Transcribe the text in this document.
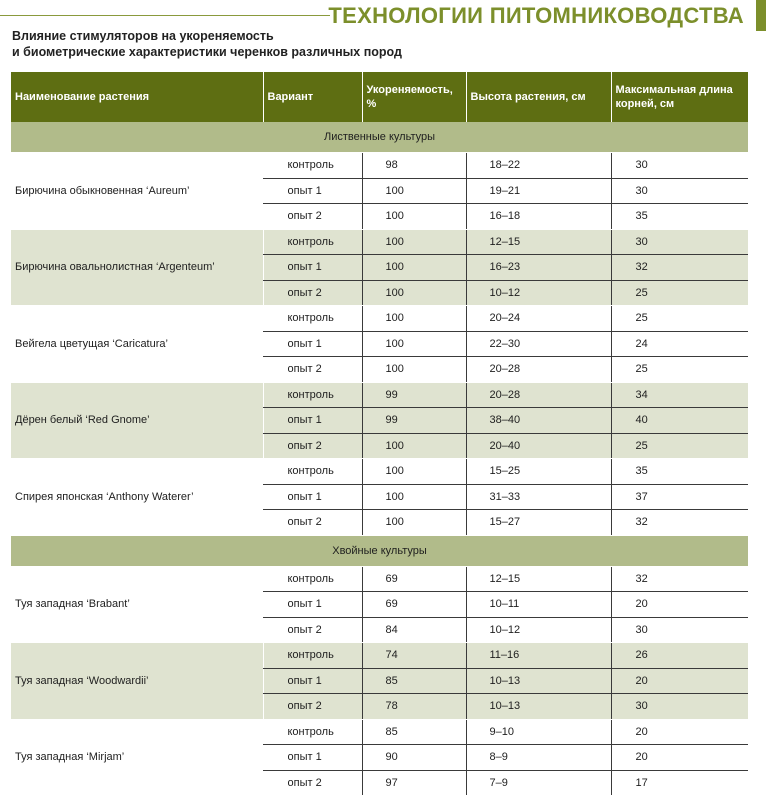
ТЕХНОЛОГИИ ПИТОМНИКОВОДСТВА
Влияние стимуляторов на укореняемость
и биометрические характеристики черенков различных пород
Наименование растения	Вариант	Укореняемость, %	Высота растения, см	Максимальная длина корней, см
Лиственные культуры				
Бирючина обыкновенная ‘Aureum’	контроль	98	18–22	30
	опыт 1	100	19–21	30
	опыт 2	100	16–18	35
Бирючина овальнолистная ‘Argenteum’	контроль	100	12–15	30
	опыт 1	100	16–23	32
	опыт 2	100	10–12	25
Вейгела цветущая ‘Caricatura’	контроль	100	20–24	25
	опыт 1	100	22–30	24
	опыт 2	100	20–28	25
Дёрен белый ‘Red Gnome’	контроль	99	20–28	34
	опыт 1	99	38–40	40
	опыт 2	100	20–40	25
Спирея японская ‘Anthony Waterer’	контроль	100	15–25	35
	опыт 1	100	31–33	37
	опыт 2	100	15–27	32
Хвойные культуры				
Туя западная ‘Brabant’	контроль	69	12–15	32
	опыт 1	69	10–11	20
	опыт 2	84	10–12	30
Туя западная ‘Woodwardii’	контроль	74	11–16	26
	опыт 1	85	10–13	20
	опыт 2	78	10–13	30
Туя западная ‘Mirjam’	контроль	85	9–10	20
	опыт 1	90	8–9	20
	опыт 2	97	7–9	17
